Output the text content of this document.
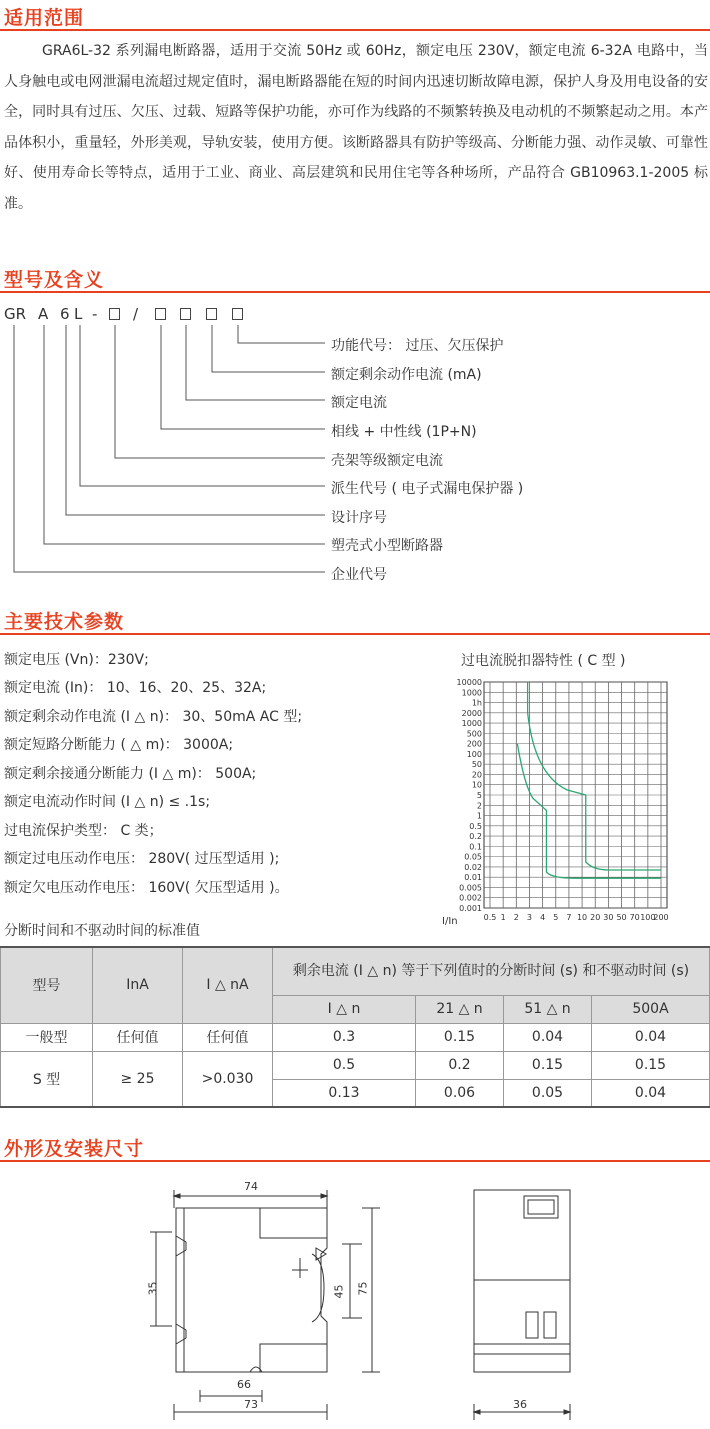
适用范围
GRA6L-32 系列漏电断路器，适用于交流 50Hz 或 60Hz，额定电压 230V，额定电流 6-32A 电路中，当人身触电或电网泄漏电流超过规定值时，漏电断路器能在短的时间内迅速切断故障电源，保护人身及用电设备的安全，同时具有过压、欠压、过载、短路等保护功能，亦可作为线路的不频繁转换及电动机的不频繁起动之用。本产品体积小，重量轻，外形美观，导轨安装，使用方便。该断路器具有防护等级高、分断能力强、动作灵敏、可靠性好、使用寿命长等特点，适用于工业、商业、高层建筑和民用住宅等各种场所，产品符合 GB10963.1-2005 标准。
型号及含义
GR A 6 L - /
功能代号： 过压、欠压保护
额定剩余动作电流 (mA)
额定电流
相线 + 中性线 (1P+N)
壳架等级额定电流
派生代号 ( 电子式漏电保护器 )
设计序号
塑壳式小型断路器
企业代号
主要技术参数
额定电压 (Vn)：230V;
额定电流 (In)： 10、16、20、25、32A;
额定剩余动作电流 (I △ n)： 30、50mA AC 型;
额定短路分断能力 ( △ m)： 3000A;
额定剩余接通分断能力 (I △ m)： 500A;
额定电流动作时间 (I △ n) ≤ .1s;
过电流保护类型： C 类；
额定过电压动作电压： 280V( 过压型适用 );
额定欠电压动作电压： 160V( 欠压型适用 )。
过电流脱扣器特性 ( C 型 )
10000
1000
1h
2000
1000
500
200
100
50
20
10
5
2
1
0.5
0.2
0.1
0.05
0.02
0.01
0.005
0.002
0.001
0.5 1 2 3 4 5 7 10 20 30 50 70 100
200
I/In
分断时间和不驱动时间的标准值
型号	InA	I △ nA	剩余电流 (I △ n) 等于下列值时的分断时间 (s) 和不驱动时间 (s)			
			I △ n	21 △ n	51 △ n	500A
一般型	任何值	任何值	0.3	0.15	0.04	0.04
S 型	≥ 25	>0.030	0.5	0.2	0.15	0.15
			0.13	0.06	0.05	0.04
外形及安装尺寸
74
35	45 75
66
73	36
